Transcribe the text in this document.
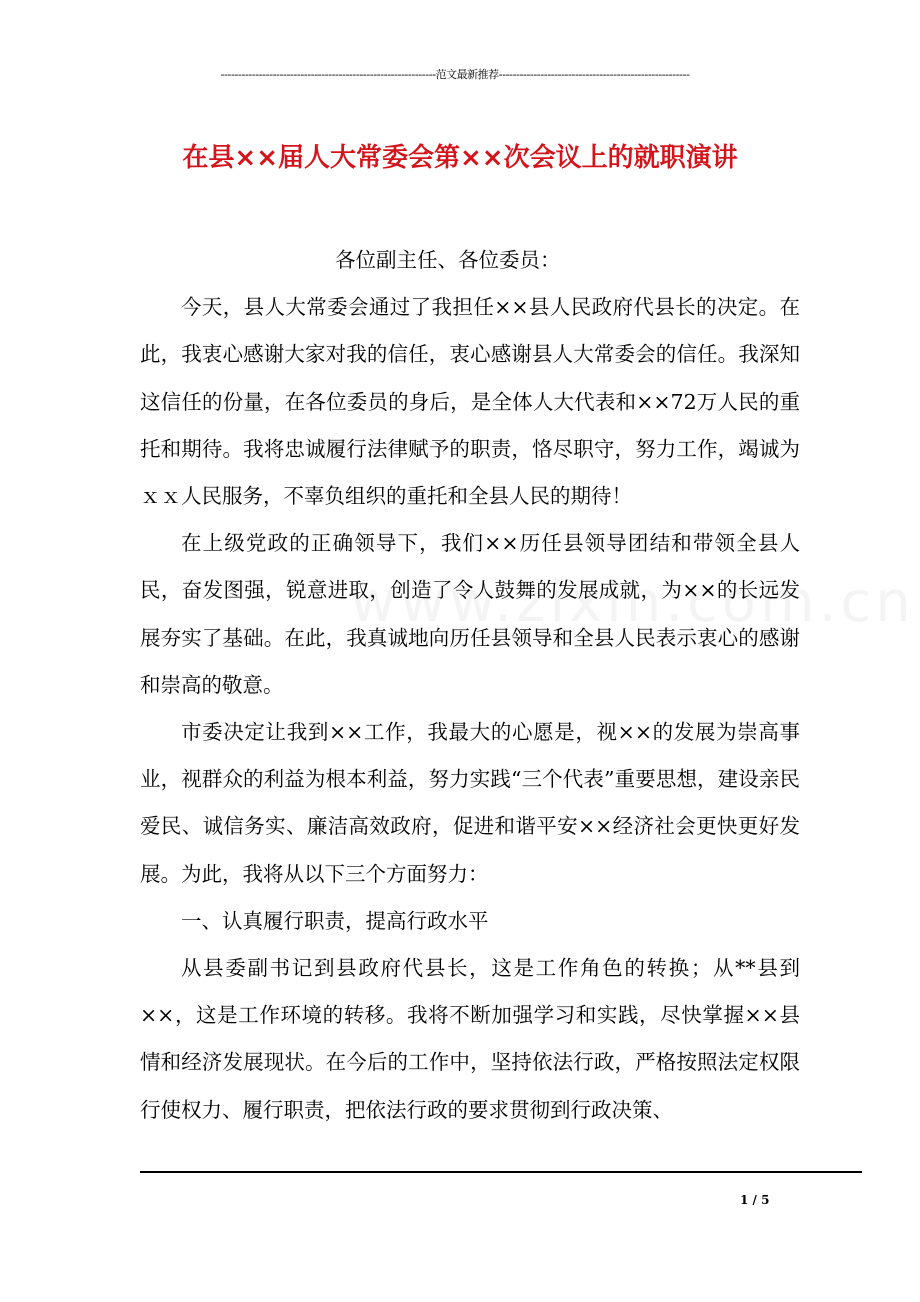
--------------------------------------------------------------范文最新推荐-------------------------------------------------------
在县××届人大常委会第××次会议上的就职演讲

各位副主任、各位委员：

今天，县人大常委会通过了我担任××县人民政府代县长的决定。在此，我衷心感谢大家对我的信任，衷心感谢县人大常委会的信任。我深知这信任的份量，在各位委员的身后，是全体人大代表和××72万人民的重托和期待。我将忠诚履行法律赋予的职责，恪尽职守，努力工作，竭诚为ｘｘ人民服务，不辜负组织的重托和全县人民的期待！

在上级党政的正确领导下，我们××历任县领导团结和带领全县人民，奋发图强，锐意进取，创造了令人鼓舞的发展成就，为××的长远发展夯实了基础。在此，我真诚地向历任县领导和全县人民表示衷心的感谢和崇高的敬意。

市委决定让我到××工作，我最大的心愿是，视××的发展为崇高事业，视群众的利益为根本利益，努力实践“三个代表”重要思想，建设亲民爱民、诚信务实、廉洁高效政府，促进和谐平安××经济社会更快更好发展。为此，我将从以下三个方面努力：

一、认真履行职责，提高行政水平

从县委副书记到县政府代县长，这是工作角色的转换；从**县到××，这是工作环境的转移。我将不断加强学习和实践，尽快掌握××县情和经济发展现状。在今后的工作中，坚持依法行政，严格按照法定权限行使权力、履行职责，把依法行政的要求贯彻到行政决策、

1 / 5
